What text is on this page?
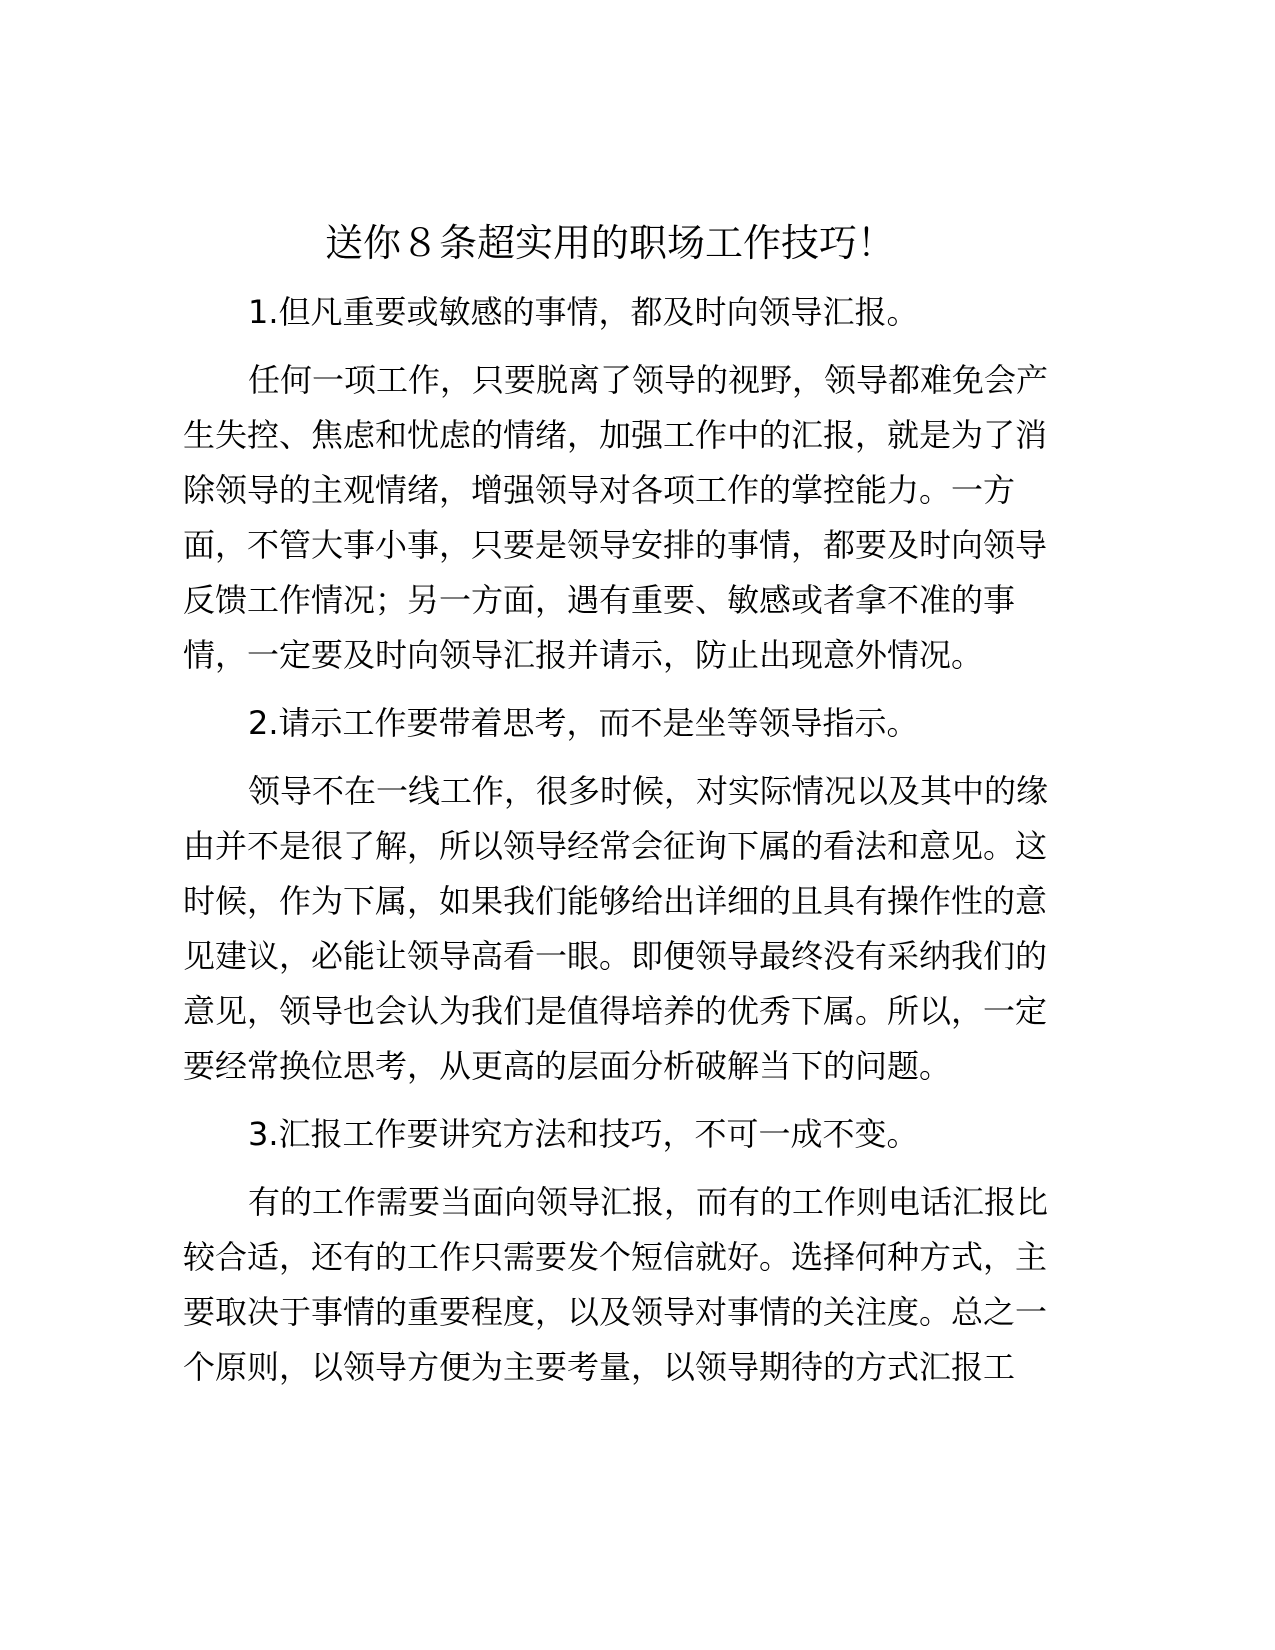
送你８条超实用的职场工作技巧！

1.但凡重要或敏感的事情，都及时向领导汇报。

任何一项工作，只要脱离了领导的视野，领导都难免会产

生失控、焦虑和忧虑的情绪，加强工作中的汇报，就是为了消

除领导的主观情绪，增强领导对各项工作的掌控能力。一方

面，不管大事小事，只要是领导安排的事情，都要及时向领导

反馈工作情况；另一方面，遇有重要、敏感或者拿不准的事

情，一定要及时向领导汇报并请示，防止出现意外情况。

2.请示工作要带着思考，而不是坐等领导指示。

领导不在一线工作，很多时候，对实际情况以及其中的缘

由并不是很了解，所以领导经常会征询下属的看法和意见。这

时候，作为下属，如果我们能够给出详细的且具有操作性的意

见建议，必能让领导高看一眼。即便领导最终没有采纳我们的

意见，领导也会认为我们是值得培养的优秀下属。所以，一定

要经常换位思考，从更高的层面分析破解当下的问题。

3.汇报工作要讲究方法和技巧，不可一成不变。

有的工作需要当面向领导汇报，而有的工作则电话汇报比

较合适，还有的工作只需要发个短信就好。选择何种方式，主

要取决于事情的重要程度，以及领导对事情的关注度。总之一

个原则，以领导方便为主要考量，以领导期待的方式汇报工
